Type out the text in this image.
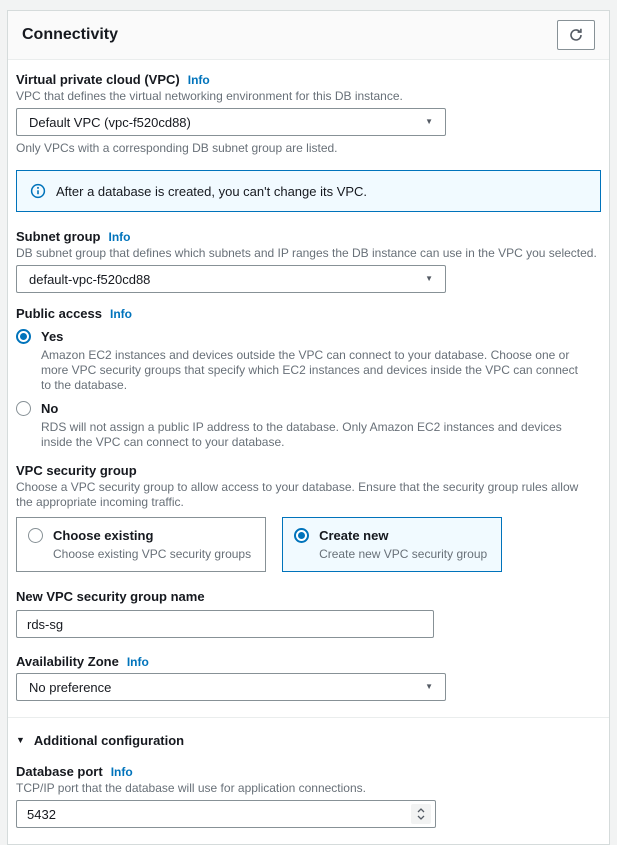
Connectivity
Virtual private cloud (VPC) Info
VPC that defines the virtual networking environment for this DB instance.
Default VPC (vpc-f520cd88)	▼
Only VPCs with a corresponding DB subnet group are listed.
After a database is created, you can't change its VPC.
Subnet group Info
DB subnet group that defines which subnets and IP ranges the DB instance can use in the VPC you selected.
default-vpc-f520cd88	▼
Public access Info
Yes
Amazon EC2 instances and devices outside the VPC can connect to your database. Choose one or more VPC security groups that specify which EC2 instances and devices inside the VPC can connect to the database.
No
RDS will not assign a public IP address to the database. Only Amazon EC2 instances and devices inside the VPC can connect to your database.
VPC security group
Choose a VPC security group to allow access to your database. Ensure that the security group rules allow the appropriate incoming traffic.
Choose existing
Choose existing VPC security groups
Create new
Create new VPC security group
New VPC security group name
rds-sg
Availability Zone Info
No preference	▼
▼ Additional configuration
Database port Info
TCP/IP port that the database will use for application connections.
5432
